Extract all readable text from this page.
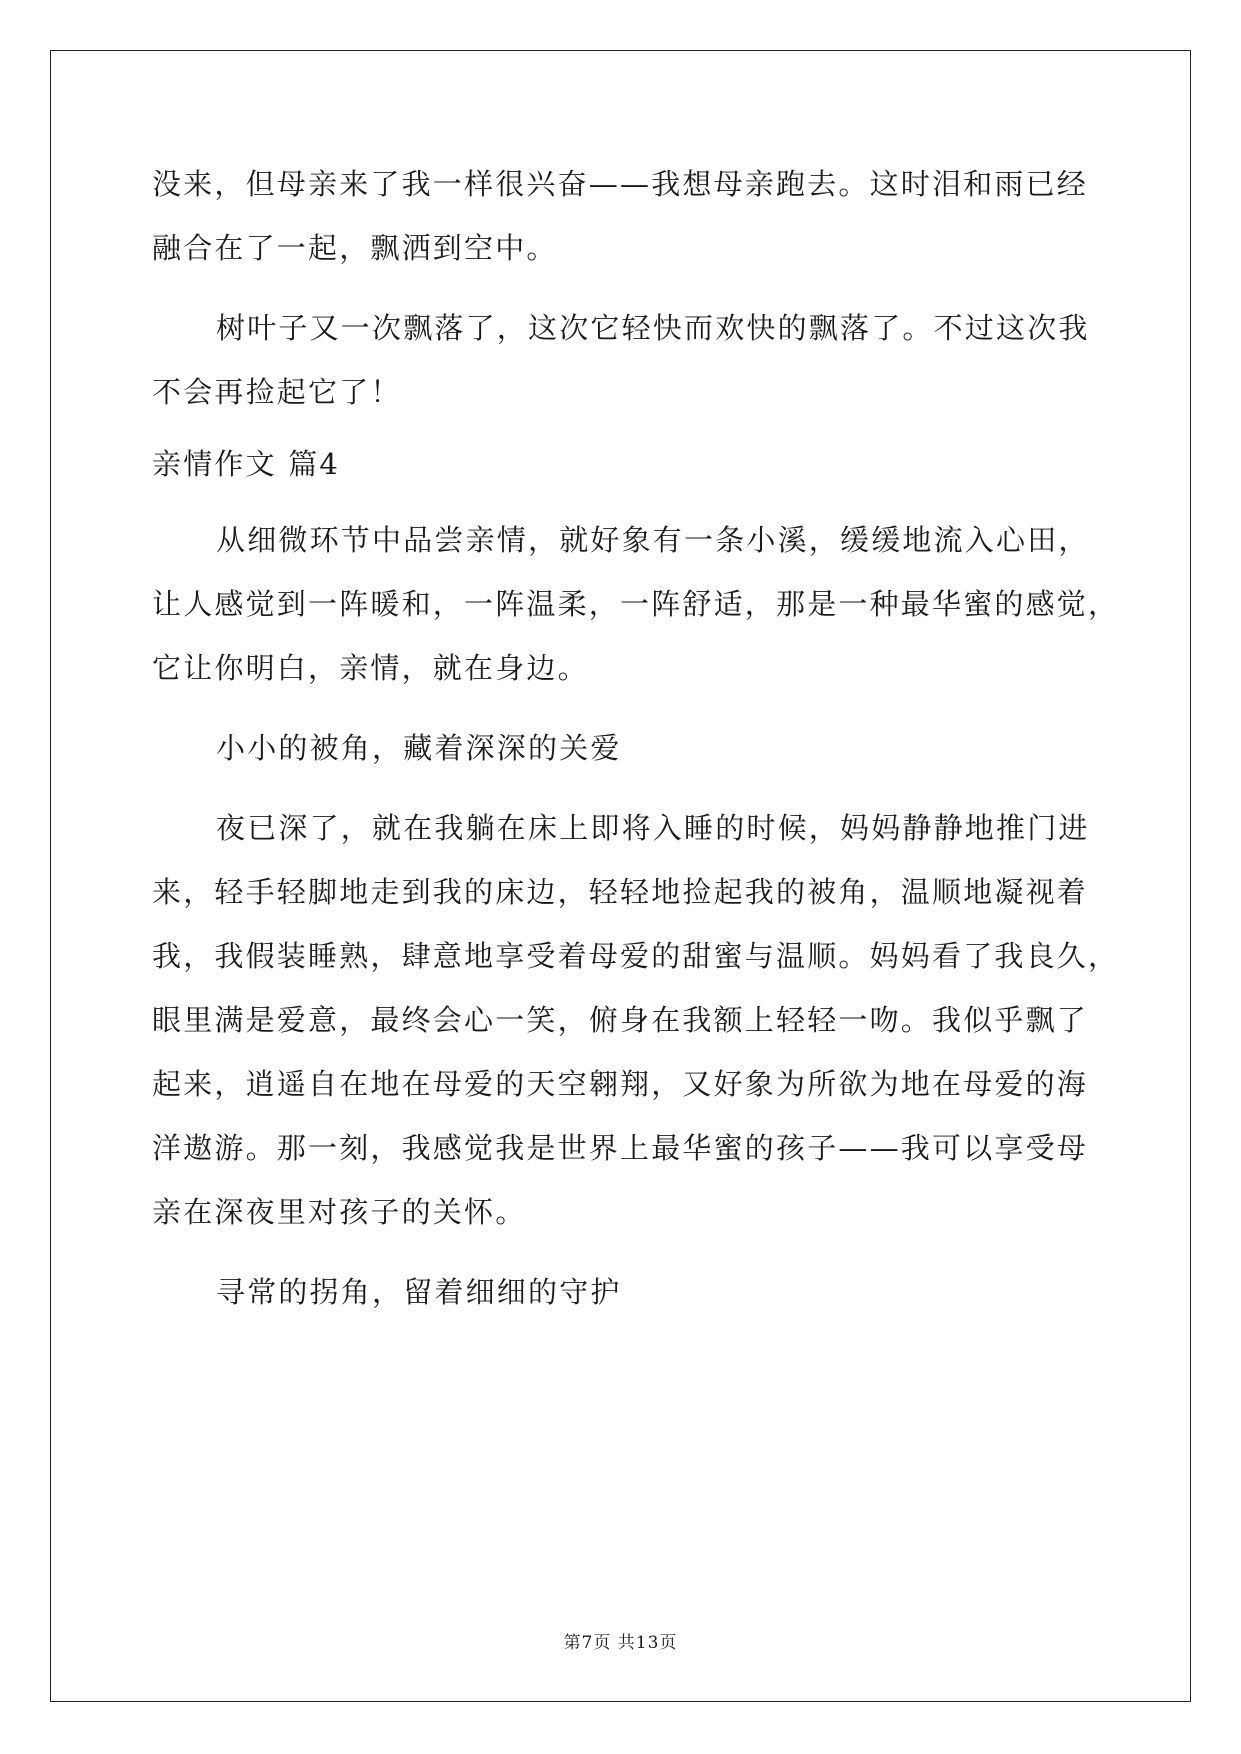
没来，但母亲来了我一样很兴奋——我想母亲跑去。这时泪和雨已经
融合在了一起，飘洒到空中。
树叶子又一次飘落了，这次它轻快而欢快的飘落了。不过这次我
不会再捡起它了！
亲情作文 篇4
从细微环节中品尝亲情，就好象有一条小溪，缓缓地流入心田，
让人感觉到一阵暖和，一阵温柔，一阵舒适，那是一种最华蜜的感觉，
它让你明白，亲情，就在身边。
小小的被角，藏着深深的关爱
夜已深了，就在我躺在床上即将入睡的时候，妈妈静静地推门进
来，轻手轻脚地走到我的床边，轻轻地捡起我的被角，温顺地凝视着
我，我假装睡熟，肆意地享受着母爱的甜蜜与温顺。妈妈看了我良久，
眼里满是爱意，最终会心一笑，俯身在我额上轻轻一吻。我似乎飘了
起来，逍遥自在地在母爱的天空翱翔，又好象为所欲为地在母爱的海
洋遨游。那一刻，我感觉我是世界上最华蜜的孩子——我可以享受母
亲在深夜里对孩子的关怀。
寻常的拐角，留着细细的守护
第7页 共13页
